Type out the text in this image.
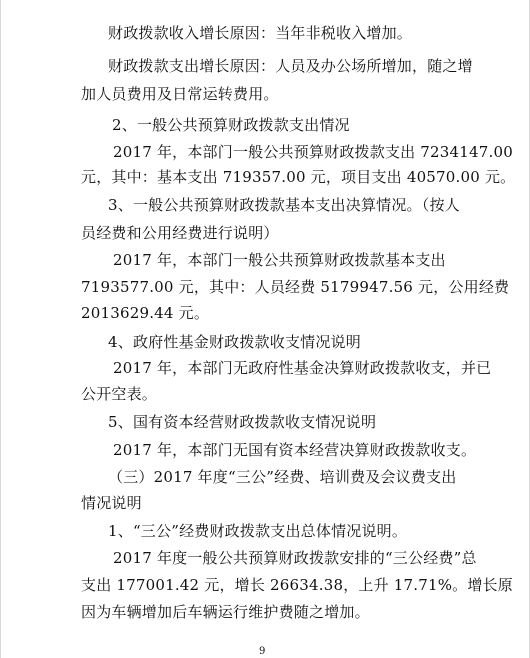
财政拨款收入增长原因：当年非税收入增加。
财政拨款支出增长原因：人员及办公场所增加，随之增
加人员费用及日常运转费用。
2、一般公共预算财政拨款支出情况
2017 年，本部门一般公共预算财政拨款支出 7234147.00
元，其中：基本支出 719357.00 元，项目支出 40570.00 元。
3、一般公共预算财政拨款基本支出决算情况。（按人
员经费和公用经费进行说明）
2017 年，本部门一般公共预算财政拨款基本支出
7193577.00 元，其中：人员经费 5179947.56 元，公用经费
2013629.44 元。
4、政府性基金财政拨款收支情况说明
2017 年，本部门无政府性基金决算财政拨款收支，并已
公开空表。
5、国有资本经营财政拨款收支情况说明
2017 年，本部门无国有资本经营决算财政拨款收支。
（三）2017 年度“三公”经费、培训费及会议费支出
情况说明
1、“三公”经费财政拨款支出总体情况说明。
2017 年度一般公共预算财政拨款安排的“三公经费”总
支出 177001.42 元，增长 26634.38，上升 17.71%。增长原
因为车辆增加后车辆运行维护费随之增加。
9
